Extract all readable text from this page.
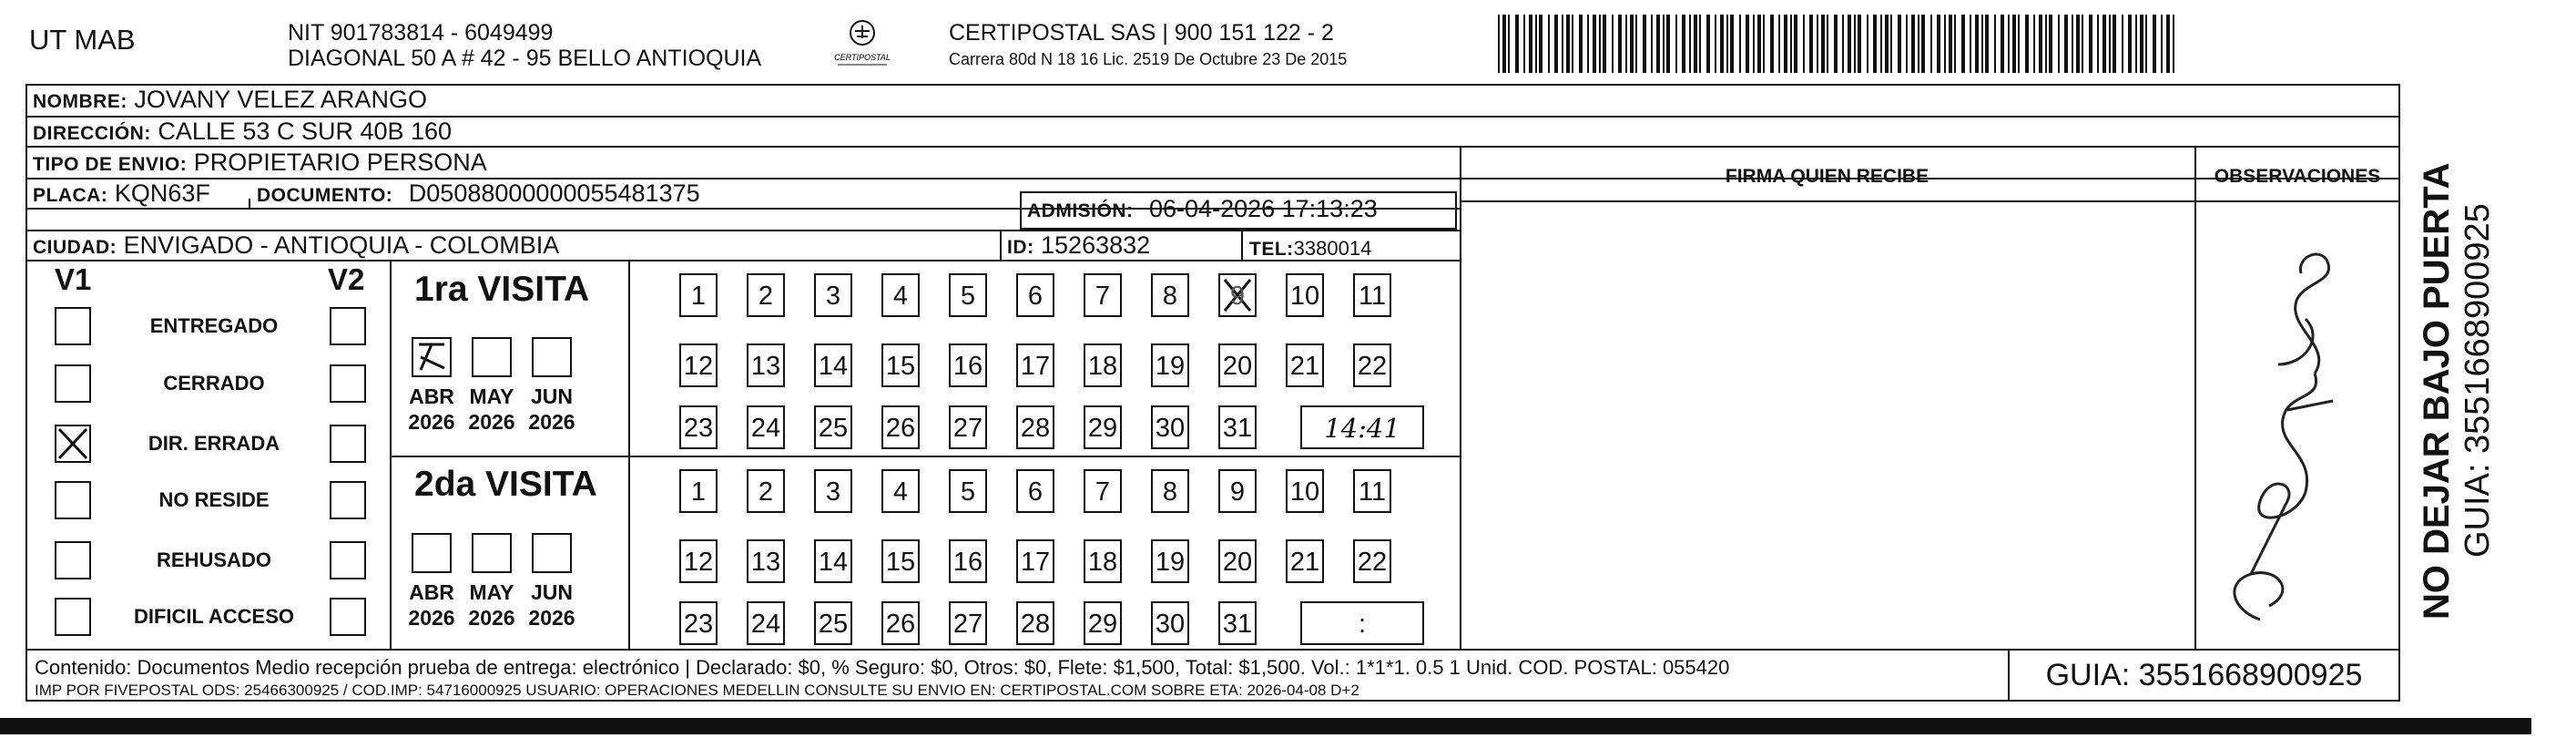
UT MAB	NIT 901783814 - 6049499
DIAGONAL 50 A # 42 - 95 BELLO ANTIOQUIA	CERTIPOSTAL
CERTIPOSTAL SAS | 900 151 122 - 2
Carrera 80d N 18 16 Lic. 2519 De Octubre 23 De 2015
NOMBRE: JOVANY VELEZ ARANGO
DIRECCIÓN: CALLE 53 C SUR 40B 160
TIPO DE ENVIO: PROPIETARIO PERSONA
PLACA: KQN63F DOCUMENTO: D05088000000055481375
ADMISIÓN: 06-04-2026 17:13:23
CIUDAD: ENVIGADO - ANTIOQUIA - COLOMBIA	ID: 15263832	TEL:3380014
FIRMA QUIEN RECIBE	OBSERVACIONES
V1	V2
ENTREGADO
CERRADO
DIR. ERRADA
NO RESIDE
REHUSADO
DIFICIL ACCESO
1ra VISITA
2da VISITA
ABR
2026
MAY
2026
JUN
2026
1	2	3	4	5	6	7	8	9	10 11
12 13 14 15 16 17 18 19 20 21 22
23 24 25 26 27 28 29 30 31	14:41
ABR
2026
MAY
2026
JUN
2026
1	2	3	4	5	6	7	8	9	10 11
12 13 14 15 16 17 18 19 20 21 22
23 24 25 26 27 28 29 30 31	:
Contenido: Documentos Medio recepción prueba de entrega: electrónico | Declarado: $0, % Seguro: $0, Otros: $0, Flete: $1,500, Total: $1,500. Vol.: 1*1*1. 0.5 1 Unid. COD. POSTAL: 055420
IMP POR FIVEPOSTAL ODS: 25466300925 / COD.IMP: 54716000925 USUARIO: OPERACIONES MEDELLIN CONSULTE SU ENVIO EN: CERTIPOSTAL.COM SOBRE ETA: 2026-04-08 D+2	GUIA: 3551668900925
NO DEJAR BAJO PUERTA GUIA: 3551668900925
